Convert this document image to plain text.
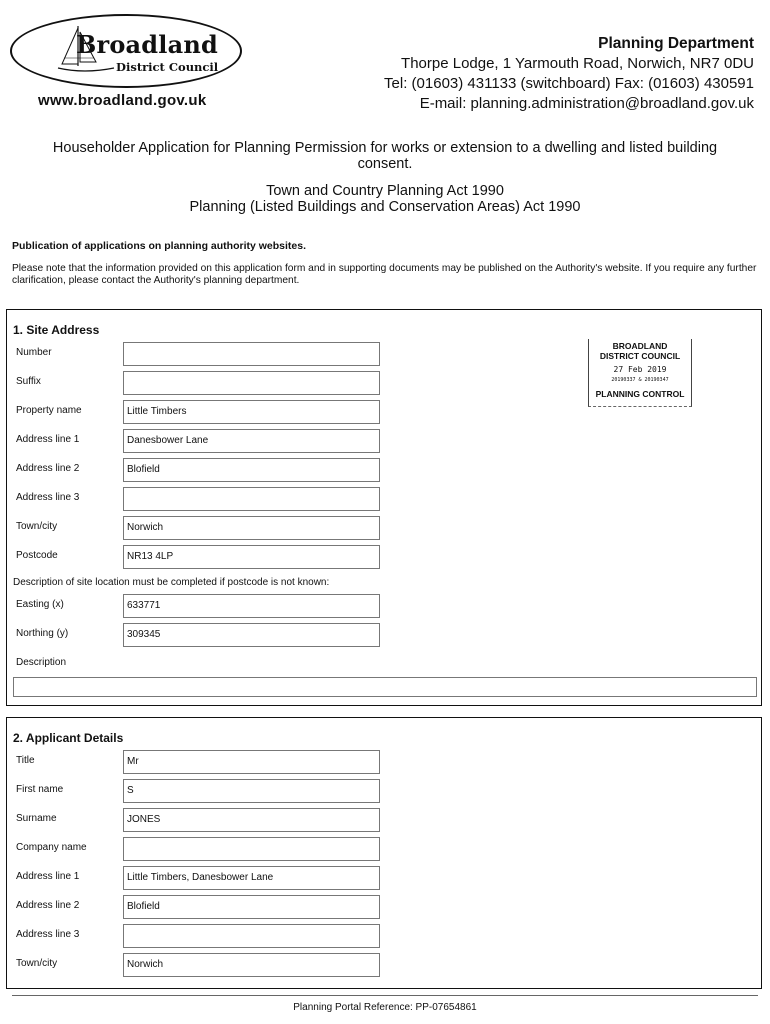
Broadland
District Council
www.broadland.gov.uk
Planning Department
Thorpe Lodge, 1 Yarmouth Road, Norwich, NR7 0DU
Tel: (01603) 431133 (switchboard) Fax: (01603) 430591
E-mail: planning.administration@broadland.gov.uk
Householder Application for Planning Permission for works or extension to a dwelling and listed building
consent.
Town and Country Planning Act 1990
Planning (Listed Buildings and Conservation Areas) Act 1990
Publication of applications on planning authority websites.
Please note that the information provided on this application form and in supporting documents may be published on the Authority's website. If you require any further clarification, please contact the Authority's planning department.
1. Site Address
Number
Suffix
Property name	Little Timbers
Address line 1	Danesbower Lane
Address line 2	Blofield
Address line 3
Town/city	Norwich
Postcode	NR13 4LP
Description of site location must be completed if postcode is not known:
Easting (x)	633771
Northing (y)	309345
Description
BROADLAND
DISTRICT COUNCIL
27 Feb 2019
20190337 & 20190347
PLANNING CONTROL
2. Applicant Details
Title	Mr
First name	S
Surname	JONES
Company name
Address line 1	Little Timbers, Danesbower Lane
Address line 2	Blofield
Address line 3
Town/city	Norwich
Planning Portal Reference: PP-07654861
